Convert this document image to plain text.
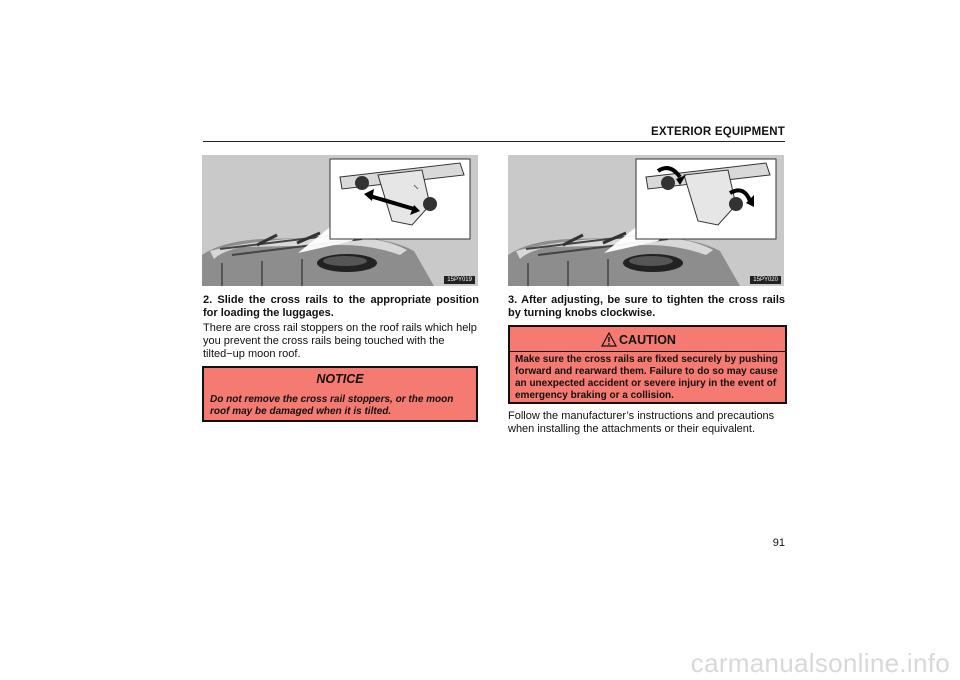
EXTERIOR EQUIPMENT
15PY019	15PY020
2. Slide the cross rails to the appropriate position for loading the luggages.
There are cross rail stoppers on the roof rails which help you prevent the cross rails being touched with the tilted−up moon roof.
NOTICE
Do not remove the cross rail stoppers, or the moon roof may be damaged when it is tilted.
3. After adjusting, be sure to tighten the cross rails by turning knobs clockwise.
CAUTION
Make sure the cross rails are fixed securely by pushing forward and rearward them. Failure to do so may cause an unexpected accident or severe injury in the event of emergency braking or a collision.
Follow the manufacturer’s instructions and precautions when installing the attachments or their equivalent.
91
carmanualsonline.info
